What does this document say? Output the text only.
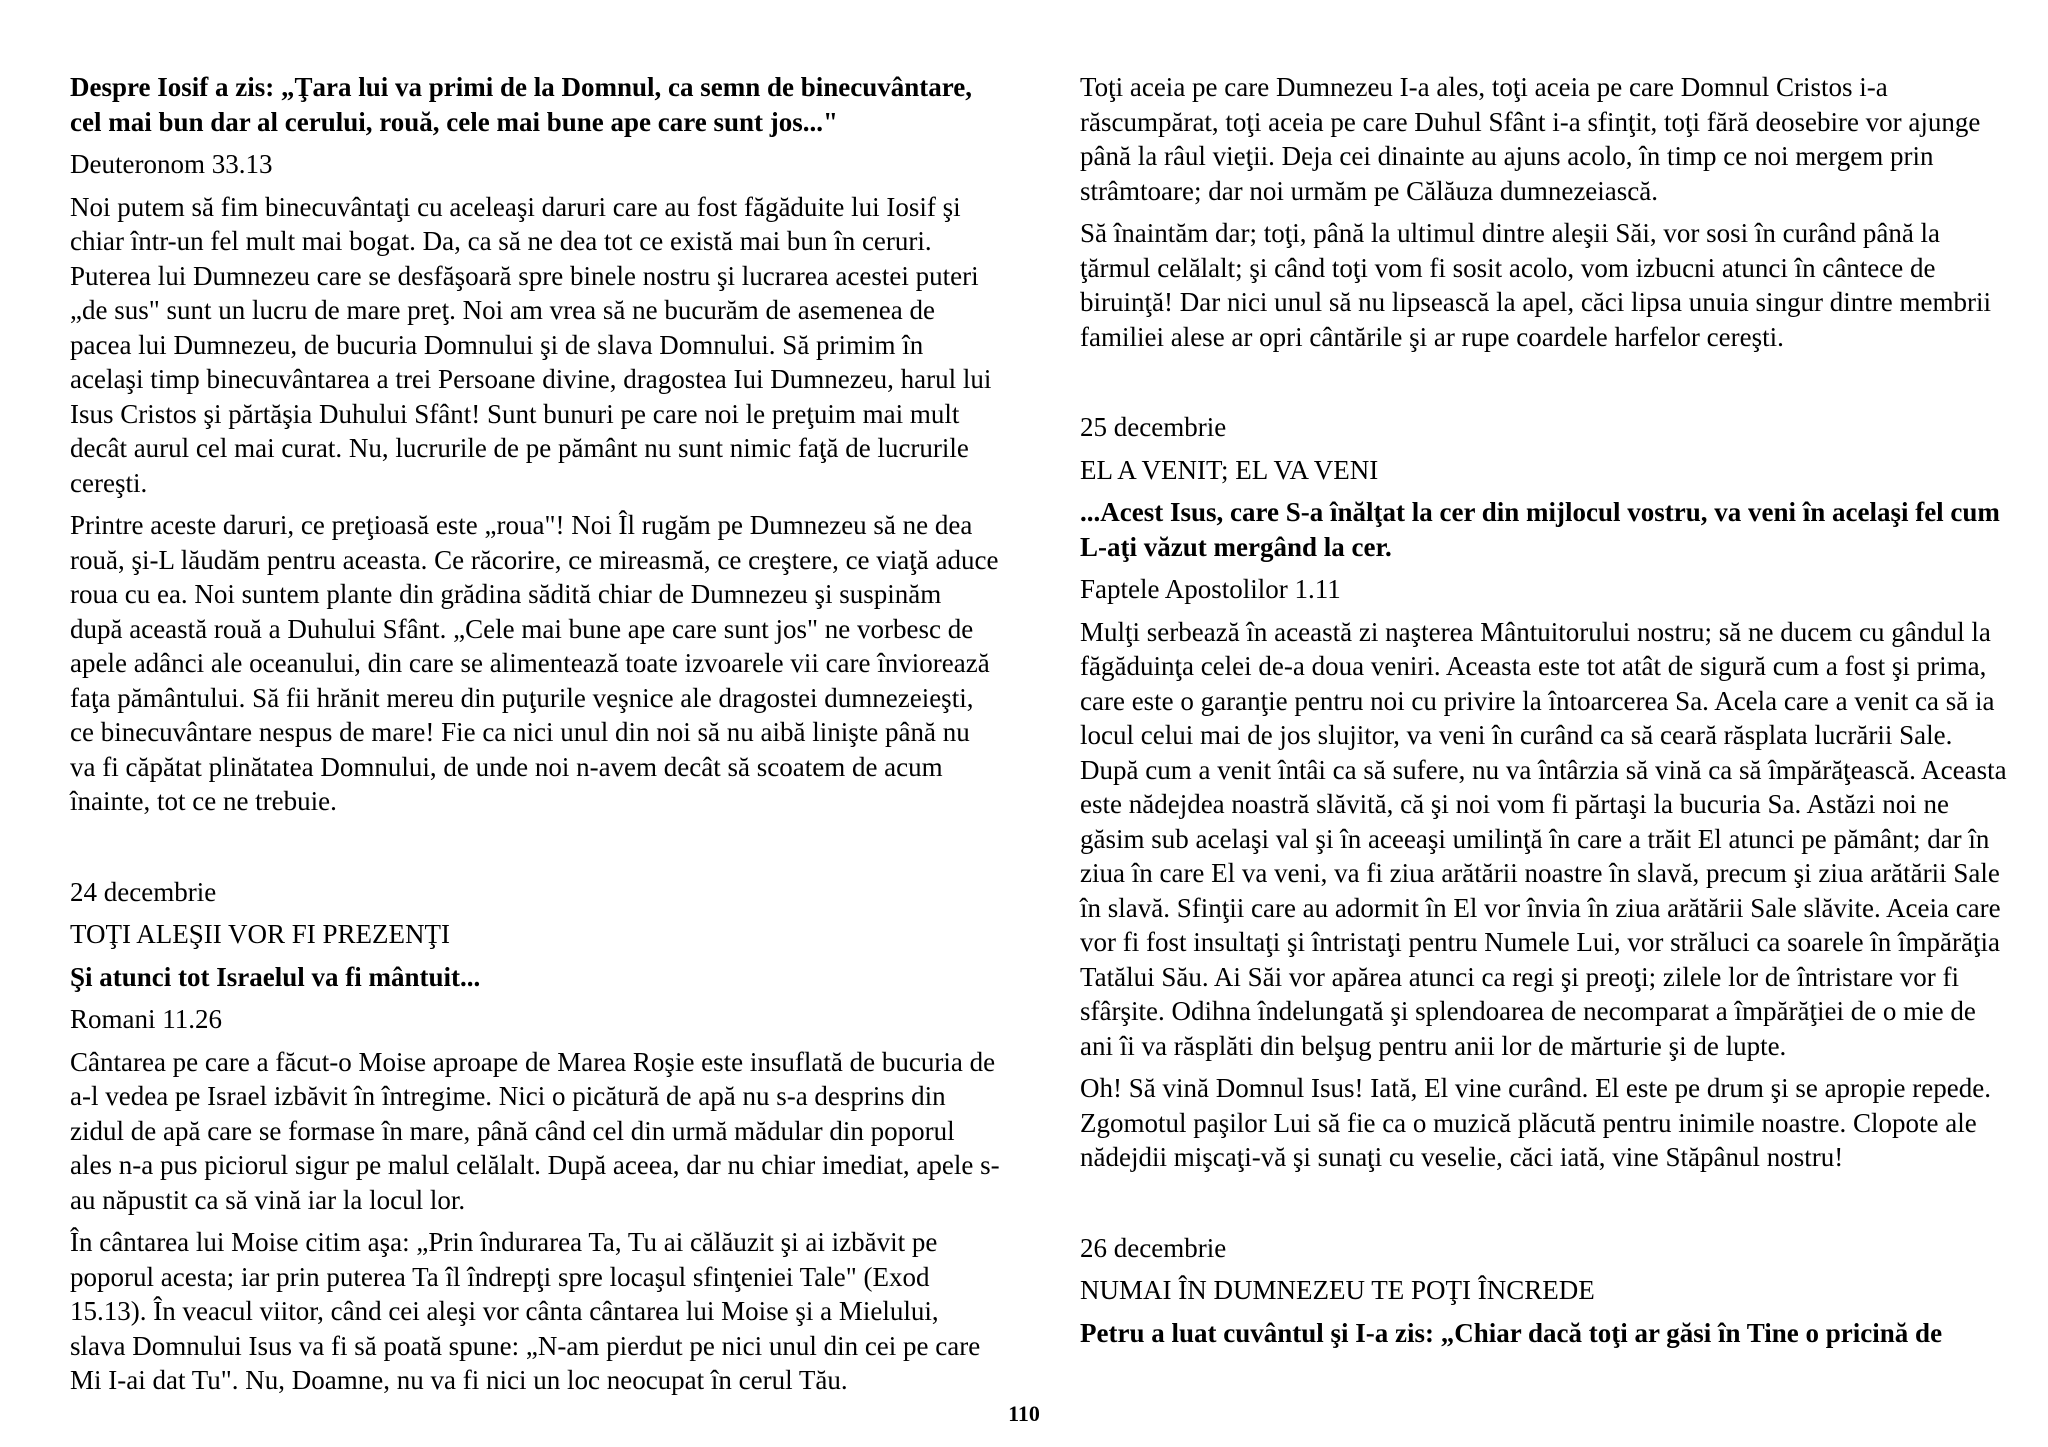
Despre Iosif a zis: „Ţara lui va primi de la Domnul, ca semn de binecuvântare, cel mai bun dar al cerului, rouă, cele mai bune ape care sunt jos..."

Deuteronom 33.13

Noi putem să fim binecuvântaţi cu aceleaşi daruri care au fost făgăduite lui Iosif şi chiar într-un fel mult mai bogat. Da, ca să ne dea tot ce există mai bun în ceruri. Puterea lui Dumnezeu care se desfăşoară spre binele nostru şi lucrarea acestei puteri „de sus" sunt un lucru de mare preţ. Noi am vrea să ne bucurăm de asemenea de pacea lui Dumnezeu, de bucuria Domnului şi de slava Domnului. Să primim în acelaşi timp binecuvântarea a trei Persoane divine, dragostea Iui Dumnezeu, harul lui Isus Cristos şi părtăşia Duhului Sfânt! Sunt bunuri pe care noi le preţuim mai mult decât aurul cel mai curat. Nu, lucrurile de pe pământ nu sunt nimic faţă de lucrurile cereşti.

Printre aceste daruri, ce preţioasă este „roua"! Noi Îl rugăm pe Dumnezeu să ne dea rouă, şi-L lăudăm pentru aceasta. Ce răcorire, ce mireasmă, ce creştere, ce viaţă aduce roua cu ea. Noi suntem plante din grădina sădită chiar de Dumnezeu şi suspinăm după această rouă a Duhului Sfânt. „Cele mai bune ape care sunt jos" ne vorbesc de apele adânci ale oceanului, din care se alimentează toate izvoarele vii care înviorează faţa pământului. Să fii hrănit mereu din puţurile veşnice ale dragostei dumnezeieşti, ce binecuvântare nespus de mare! Fie ca nici unul din noi să nu aibă linişte până nu va fi căpătat plinătatea Domnului, de unde noi n-avem decât să scoatem de acum înainte, tot ce ne trebuie.

24 decembrie

TOŢI ALEŞII VOR FI PREZENŢI

Şi atunci tot Israelul va fi mântuit...

Romani 11.26

Cântarea pe care a făcut-o Moise aproape de Marea Roşie este insuflată de bucuria de a-l vedea pe Israel izbăvit în întregime. Nici o picătură de apă nu s-a desprins din zidul de apă care se formase în mare, până când cel din urmă mădular din poporul ales n-a pus piciorul sigur pe malul celălalt. După aceea, dar nu chiar imediat, apele s-au năpustit ca să vină iar la locul lor.

În cântarea lui Moise citim aşa: „Prin îndurarea Ta, Tu ai călăuzit şi ai izbăvit pe poporul acesta; iar prin puterea Ta îl îndrepţi spre locaşul sfinţeniei Tale" (Exod 15.13). În veacul viitor, când cei aleşi vor cânta cântarea lui Moise şi a Mielului, slava Domnului Isus va fi să poată spune: „N-am pierdut pe nici unul din cei pe care Mi I-ai dat Tu". Nu, Doamne, nu va fi nici un loc neocupat în cerul Tău.

Toţi aceia pe care Dumnezeu I-a ales, toţi aceia pe care Domnul Cristos i-a răscumpărat, toţi aceia pe care Duhul Sfânt i-a sfinţit, toţi fără deosebire vor ajunge până la râul vieţii. Deja cei dinainte au ajuns acolo, în timp ce noi mergem prin strâmtoare; dar noi urmăm pe Călăuza dumnezeiască.

Să înaintăm dar; toţi, până la ultimul dintre aleşii Săi, vor sosi în curând până la ţărmul celălalt; şi când toţi vom fi sosit acolo, vom izbucni atunci în cântece de biruinţă! Dar nici unul să nu lipsească la apel, căci lipsa unuia singur dintre membrii familiei alese ar opri cântările şi ar rupe coardele harfelor cereşti.

25 decembrie

EL A VENIT; EL VA VENI

...Acest Isus, care S-a înălţat la cer din mijlocul vostru, va veni în acelaşi fel cum L-aţi văzut mergând la cer.

Faptele Apostolilor 1.11

Mulţi serbează în această zi naşterea Mântuitorului nostru; să ne ducem cu gândul la făgăduinţa celei de-a doua veniri. Aceasta este tot atât de sigură cum a fost şi prima, care este o garanţie pentru noi cu privire la întoarcerea Sa. Acela care a venit ca să ia locul celui mai de jos slujitor, va veni în curând ca să ceară răsplata lucrării Sale. După cum a venit întâi ca să sufere, nu va întârzia să vină ca să împărăţească. Aceasta este nădejdea noastră slăvită, că şi noi vom fi părtaşi la bucuria Sa. Astăzi noi ne găsim sub acelaşi val şi în aceeaşi umilinţă în care a trăit El atunci pe pământ; dar în ziua în care El va veni, va fi ziua arătării noastre în slavă, precum şi ziua arătării Sale în slavă. Sfinţii care au adormit în El vor învia în ziua arătării Sale slăvite. Aceia care vor fi fost insultaţi şi întristaţi pentru Numele Lui, vor străluci ca soarele în împărăţia Tatălui Său. Ai Săi vor apărea atunci ca regi şi preoţi; zilele lor de întristare vor fi sfârşite. Odihna îndelungată şi splendoarea de necomparat a împărăţiei de o mie de ani îi va răsplăti din belşug pentru anii lor de mărturie şi de lupte.

Oh! Să vină Domnul Isus! Iată, El vine curând. El este pe drum şi se apropie repede. Zgomotul paşilor Lui să fie ca o muzică plăcută pentru inimile noastre. Clopote ale nădejdii mişcaţi-vă şi sunaţi cu veselie, căci iată, vine Stăpânul nostru!

26 decembrie

NUMAI ÎN DUMNEZEU TE POŢI ÎNCREDE

Petru a luat cuvântul şi I-a zis: „Chiar dacă toţi ar găsi în Tine o pricină de

110
